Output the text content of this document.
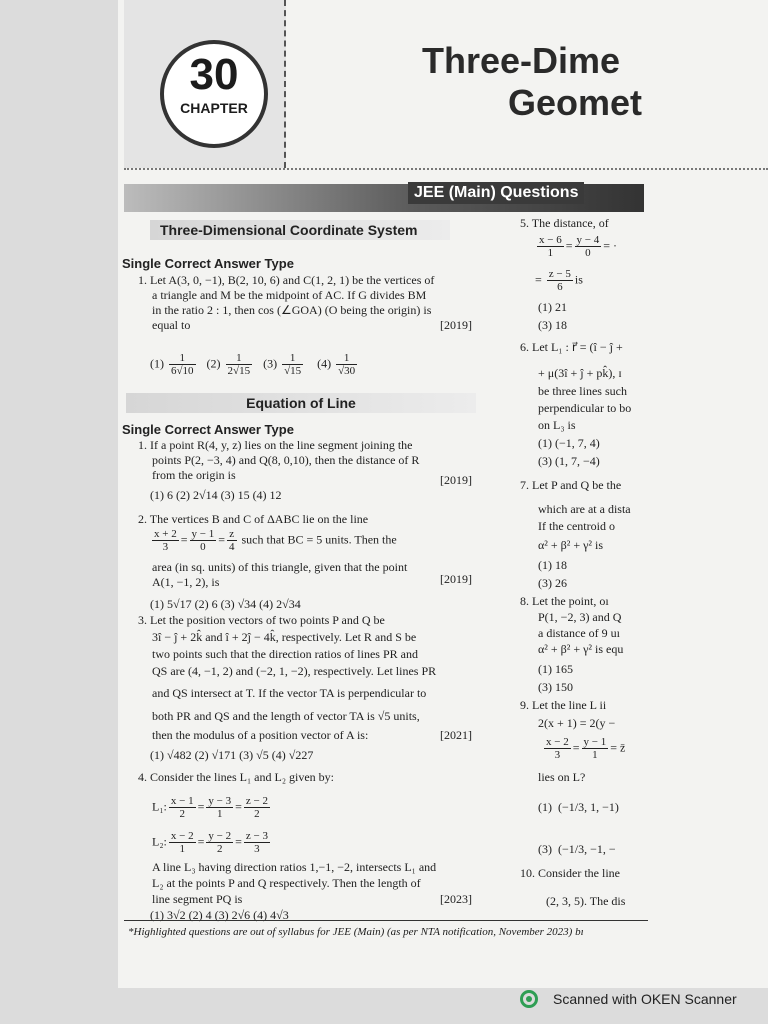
30
CHAPTER
Three-Dime
Geomet
JEE (Main) Questions
Three-Dimensional Coordinate System
Single Correct Answer Type
1. Let A(3, 0, −1), B(2, 10, 6) and C(1, 2, 1) be the vertices of
a triangle and M be the midpoint of AC. If G divides BM
in the ratio 2 : 1, then cos (∠GOA) (O being the origin) is
equal to	[2019]
$(1) \frac{1}{6√10} (2) \frac{1}{2√15} (3) \frac{1}{√15} (4) \frac{1}{√30}$
Equation of Line
Single Correct Answer Type
1. If a point R(4, y, z) lies on the line segment joining the
points P(2, −3, 4) and Q(8, 0,10), then the distance of R
from the origin is	[2019]
(1) 6 (2) 2√14 (3) 15 (4) 12
2. The vertices B and C of ΔABC lie on the line
$\frac{x + 2}{3} = \frac{y - 1}{0} = \frac{z}{4}$ such that BC = 5 units. Then the
area (in sq. units) of this triangle, given that the point
A(1, −1, 2), is	[2019]
(1) 5√17 (2) 6 (3) √34 (4) 2√34
3. Let the position vectors of two points P and Q be
3î − ĵ + 2k̂ and î + 2ĵ − 4k̂, respectively. Let R and S be
two points such that the direction ratios of lines PR and
QS are (4, −1, 2) and (−2, 1, −2), respectively. Let lines PR
and QS intersect at T. If the vector TA is perpendicular to
both PR and QS and the length of vector TA is √5 units,
then the modulus of a position vector of A is:	[2021]
(1) √482 (2) √171 (3) √5 (4) √227
4. Consider the lines L₁ and L₂ given by:
L₁: $\frac{x - 1}{2} = \frac{y - 3}{1} = \frac{z - 2}{2}$
L₂: $\frac{x - 2}{1} = \frac{y - 2}{2} = \frac{z - 3}{3}$
A line L₃ having direction ratios 1,−1, −2, intersects L₁ and
L₂ at the points P and Q respectively. Then the length of
line segment PQ is	[2023]
(1) 3√2 (2) 4 (3) 2√6 (4) 4√3
*Highlighted questions are out of syllabus for JEE (Main) (as per NTA notification, November 2023) bı
5. The distance, of
$\frac{x - 6}{1} = \frac{y - 4}{0}$ = ·
= $\frac{z - 5}{6}$ is
(1) 21
(3) 18
6. Let L₁ : r⃗ = (î − ĵ +
+ μ(3î + ĵ + pk̂), ɪ
be three lines such
perpendicular to bo
on L₃ is
(1) (−1, 7, 4)
(3) (1, 7, −4)
7. Let P and Q be the
which are at a dista
If the centroid o
α² + β² + γ² is
(1) 18
(3) 26
8. Let the point, oı
P(1, −2, 3) and Q
a distance of 9 uı
α² + β² + γ² is equ
(1) 165
(3) 150
9. Let the line L ii
2(x + 1) = 2(y −
$\frac{x - 2}{3} = \frac{y - 1}{1}$ = z̄
lies on L?
(1) (−1/3, 1, −1)
(3) (−1/3, −1, −
10. Consider the line
(2, 3, 5). The dis
Scanned with OKEN Scanner
